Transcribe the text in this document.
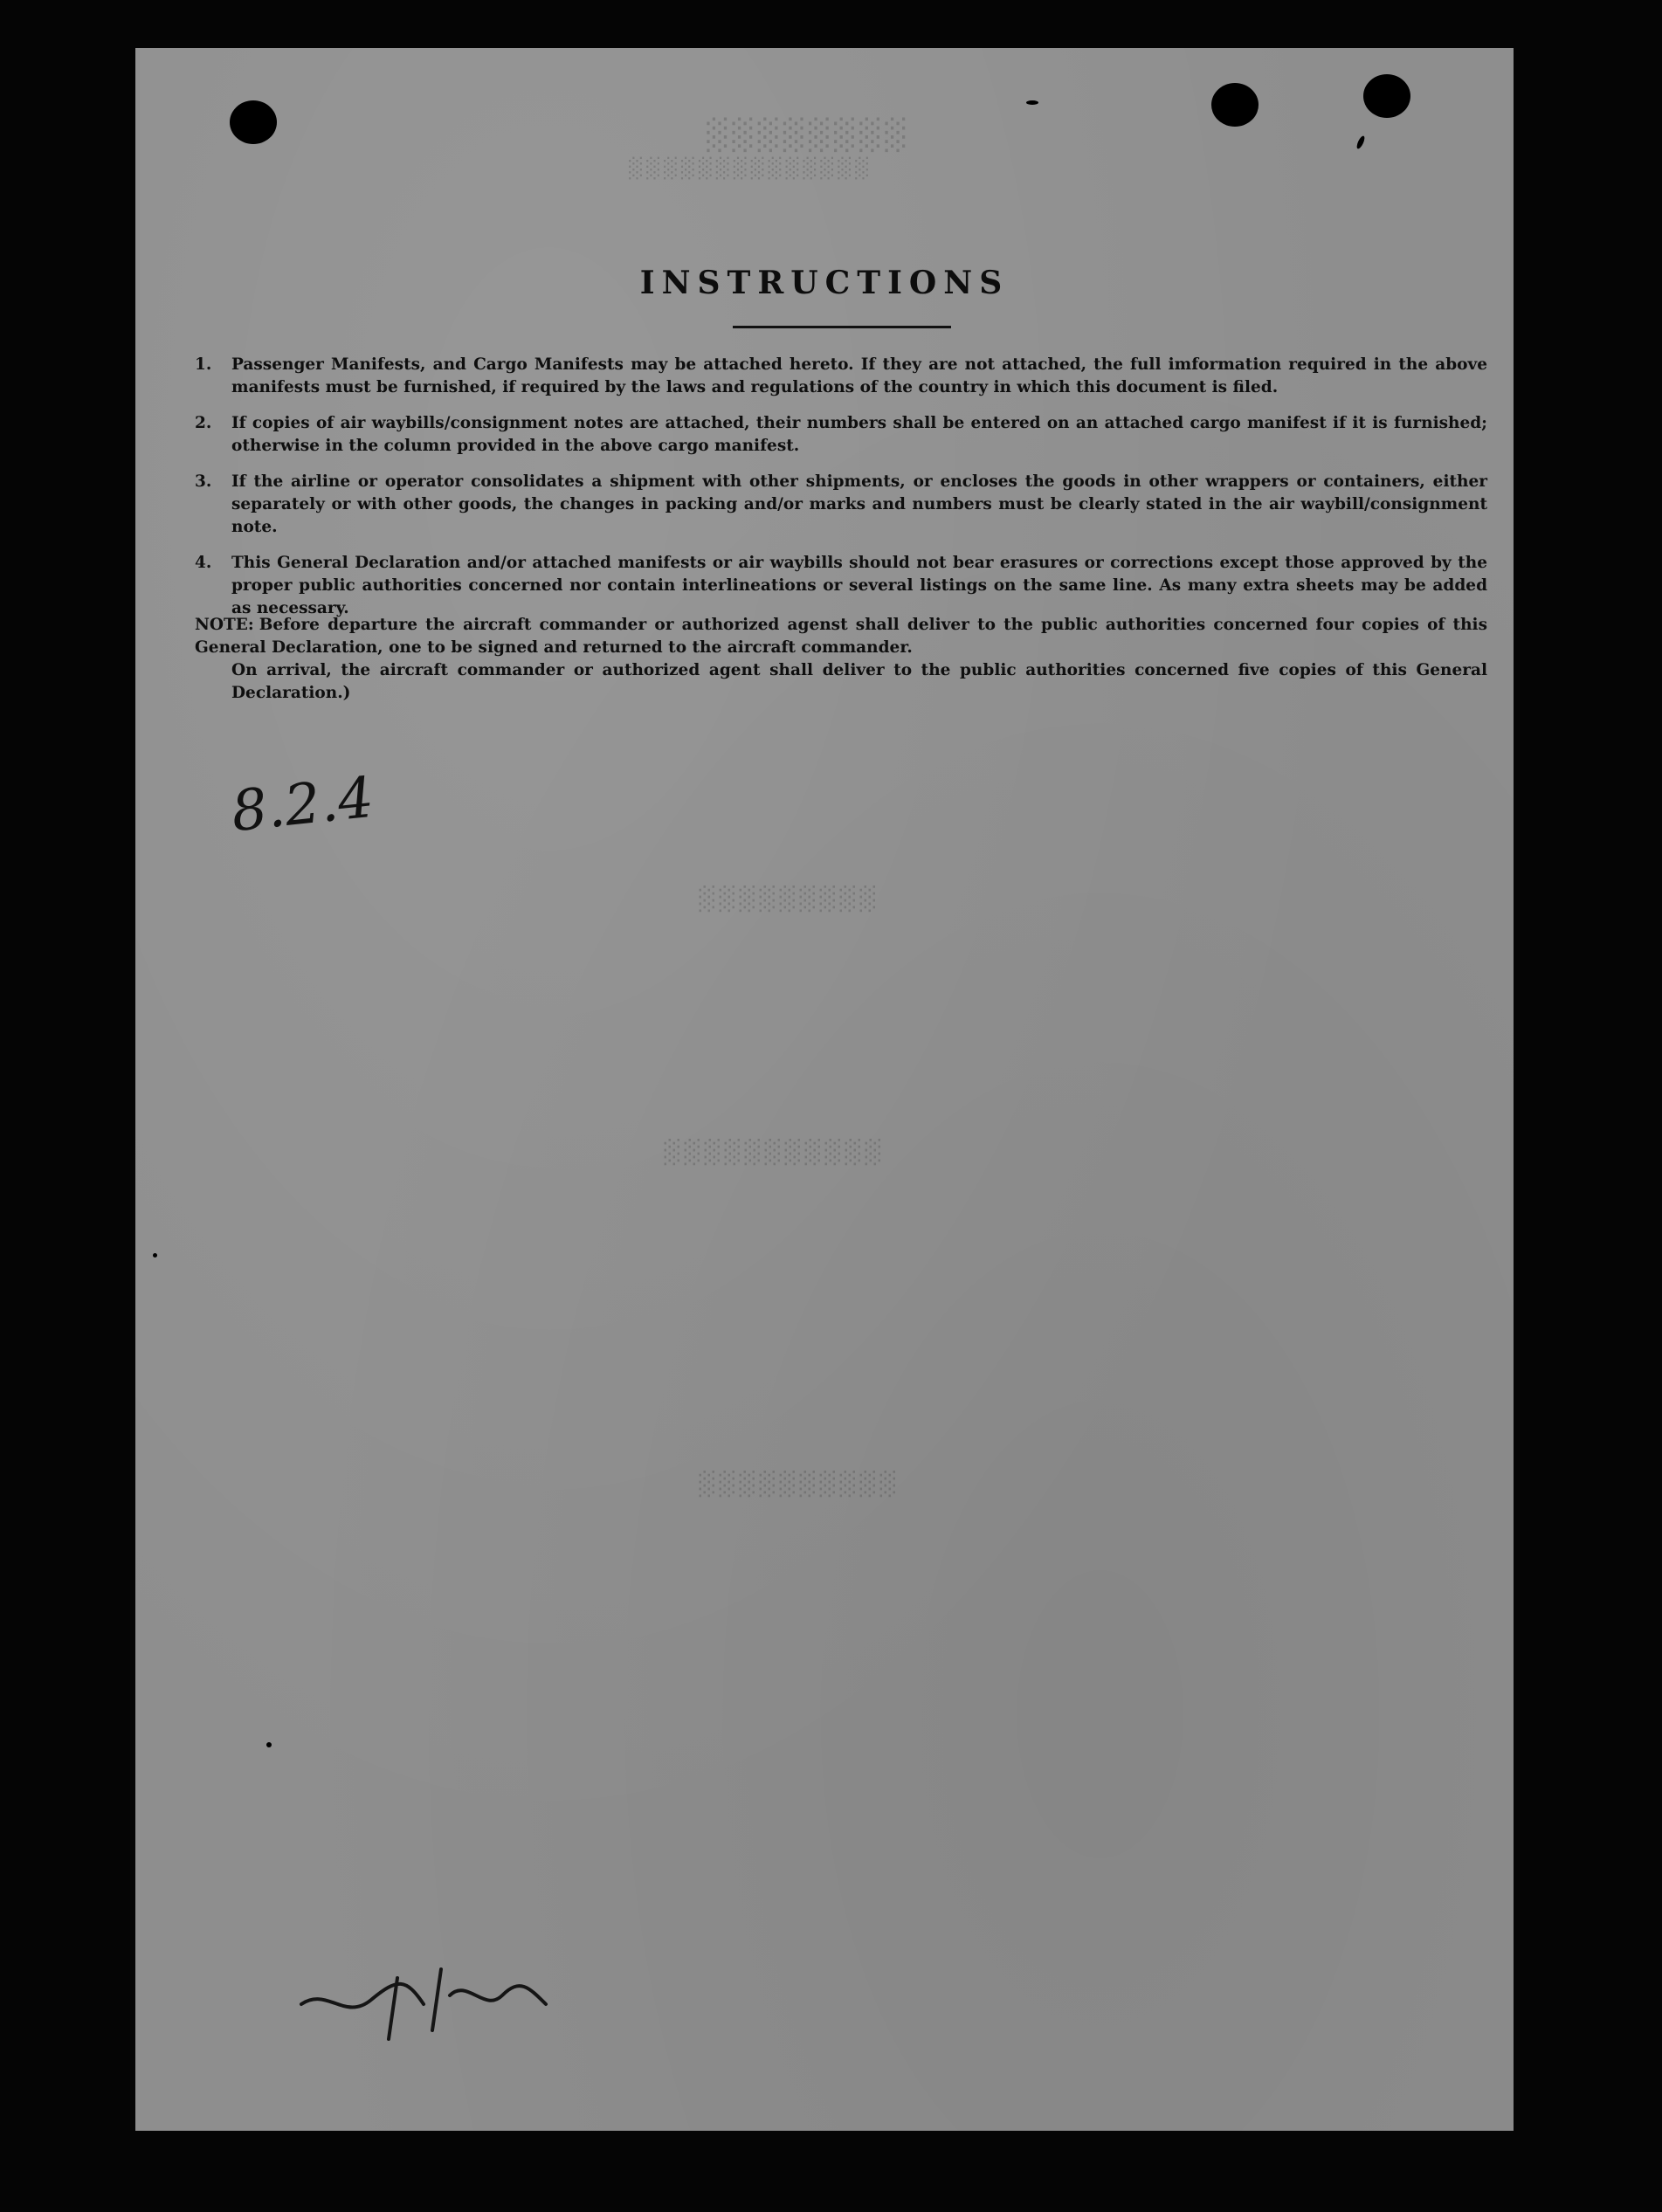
░░░░░░░░
░░░░░░░░░░░░░░
░░░░░░░░░
░░░░░░░░░░░
░░░░░░░░░░
INSTRUCTIONS
1.	Passenger Manifests, and Cargo Manifests may be attached hereto. If they are not attached, the full imformation required in the above manifests must be furnished, if required by the laws and regulations of the country in which this document is filed.
2.	If copies of air waybills/consignment notes are attached, their numbers shall be entered on an attached cargo manifest if it is furnished; otherwise in the column provided in the above cargo manifest.
3.	If the airline or operator consolidates a shipment with other shipments, or encloses the goods in other wrappers or containers, either separately or with other goods, the changes in packing and/or marks and numbers must be clearly stated in the air waybill/consignment note.
4.	This General Declaration and/or attached manifests or air waybills should not bear erasures or corrections except those approved by the proper public authorities concerned nor contain interlineations or several listings on the same line. As many extra sheets may be added as necessary.
NOTE: Before departure the aircraft commander or authorized agenst shall deliver to the public authorities concerned four copies of this General Declaration, one to be signed and returned to the aircraft commander.
On arrival, the aircraft commander or authorized agent shall deliver to the public authorities concerned five copies of this General Declaration.)
8.2.4
